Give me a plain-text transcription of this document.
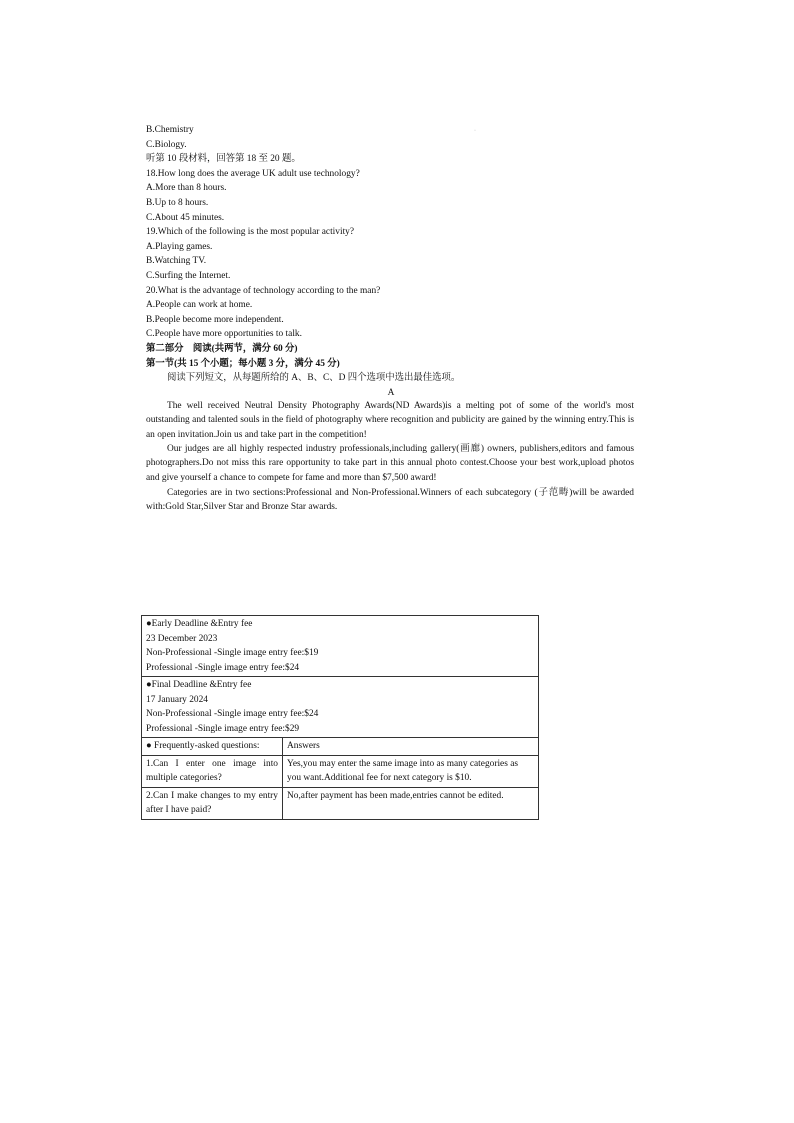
·
B.Chemistry
C.Biology.
听第 10 段材料，回答第 18 至 20 题。
18.How long does the average UK adult use technology?
A.More than 8 hours.
B.Up to 8 hours.
C.About 45 minutes.
19.Which of the following is the most popular activity?
A.Playing games.
B.Watching TV.
C.Surfing the Internet.
20.What is the advantage of technology according to the man?
A.People can work at home.
B.People become more independent.
C.People have more opportunities to talk.
第二部分　阅读(共两节，满分 60 分)
第一节(共 15 个小题；每小题 3 分，满分 45 分)
阅读下列短文，从每题所给的 A、B、C、D 四个选项中选出最佳选项。
A
The well received Neutral Density Photography Awards(ND Awards)is a melting pot of some of the world's most outstanding and talented souls in the field of photography where recognition and publicity are gained by the winning entry.This is an open invitation.Join us and take part in the competition!
Our judges are all highly respected industry professionals,including gallery(画廊) owners, publishers,editors and famous photographers.Do not miss this rare opportunity to take part in this annual photo contest.Choose your best work,upload photos and give yourself a chance to compete for fame and more than $7,500 award!
Categories are in two sections:Professional and Non-Professional.Winners of each subcategory (子范畴)will be awarded with:Gold Star,Silver Star and Bronze Star awards.
●Early Deadline &Entry fee
23 December 2023
Non-Professional -Single image entry fee:$19
Professional -Single image entry fee:$24	

●Final Deadline &Entry fee
17 January 2024
Non-Professional -Single image entry fee:$24
Professional -Single image entry fee:$29	

● Frequently-asked questions:	Answers
1.Can I enter one image into multiple categories?	Yes,you may enter the same image into as many categories as you want.Additional fee for next category is $10.
2.Can I make changes to my entry after I have paid?	No,after payment has been made,entries cannot be edited.
